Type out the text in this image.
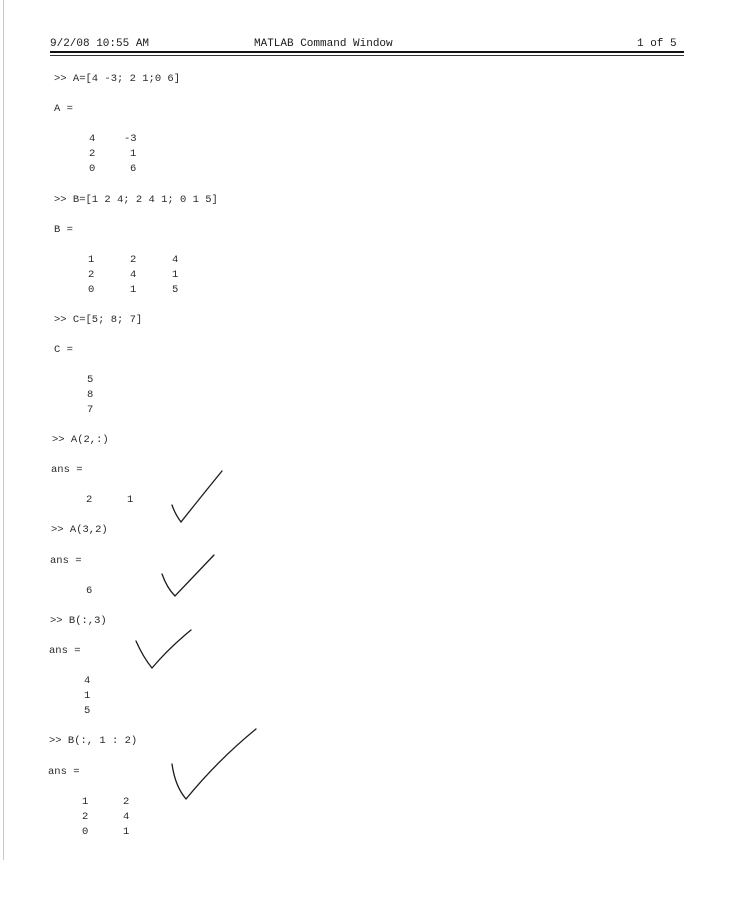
9/2/08 10:55 AM	MATLAB Command Window	1 of 5
>> A=[4 -3; 2 1;0 6]
A =
4	-3
2	1
0	6
>> B=[1 2 4; 2 4 1; 0 1 5]
B =
1	2	4
2	4	1
0	1	5
>> C=[5; 8; 7]
C =
5
8
7
>> A(2,:)
ans =
2	1
>> A(3,2)
ans =
6
>> B(:,3)
ans =
4
1
5
>> B(:, 1 : 2)
ans =
1	2
2	4
0	1
